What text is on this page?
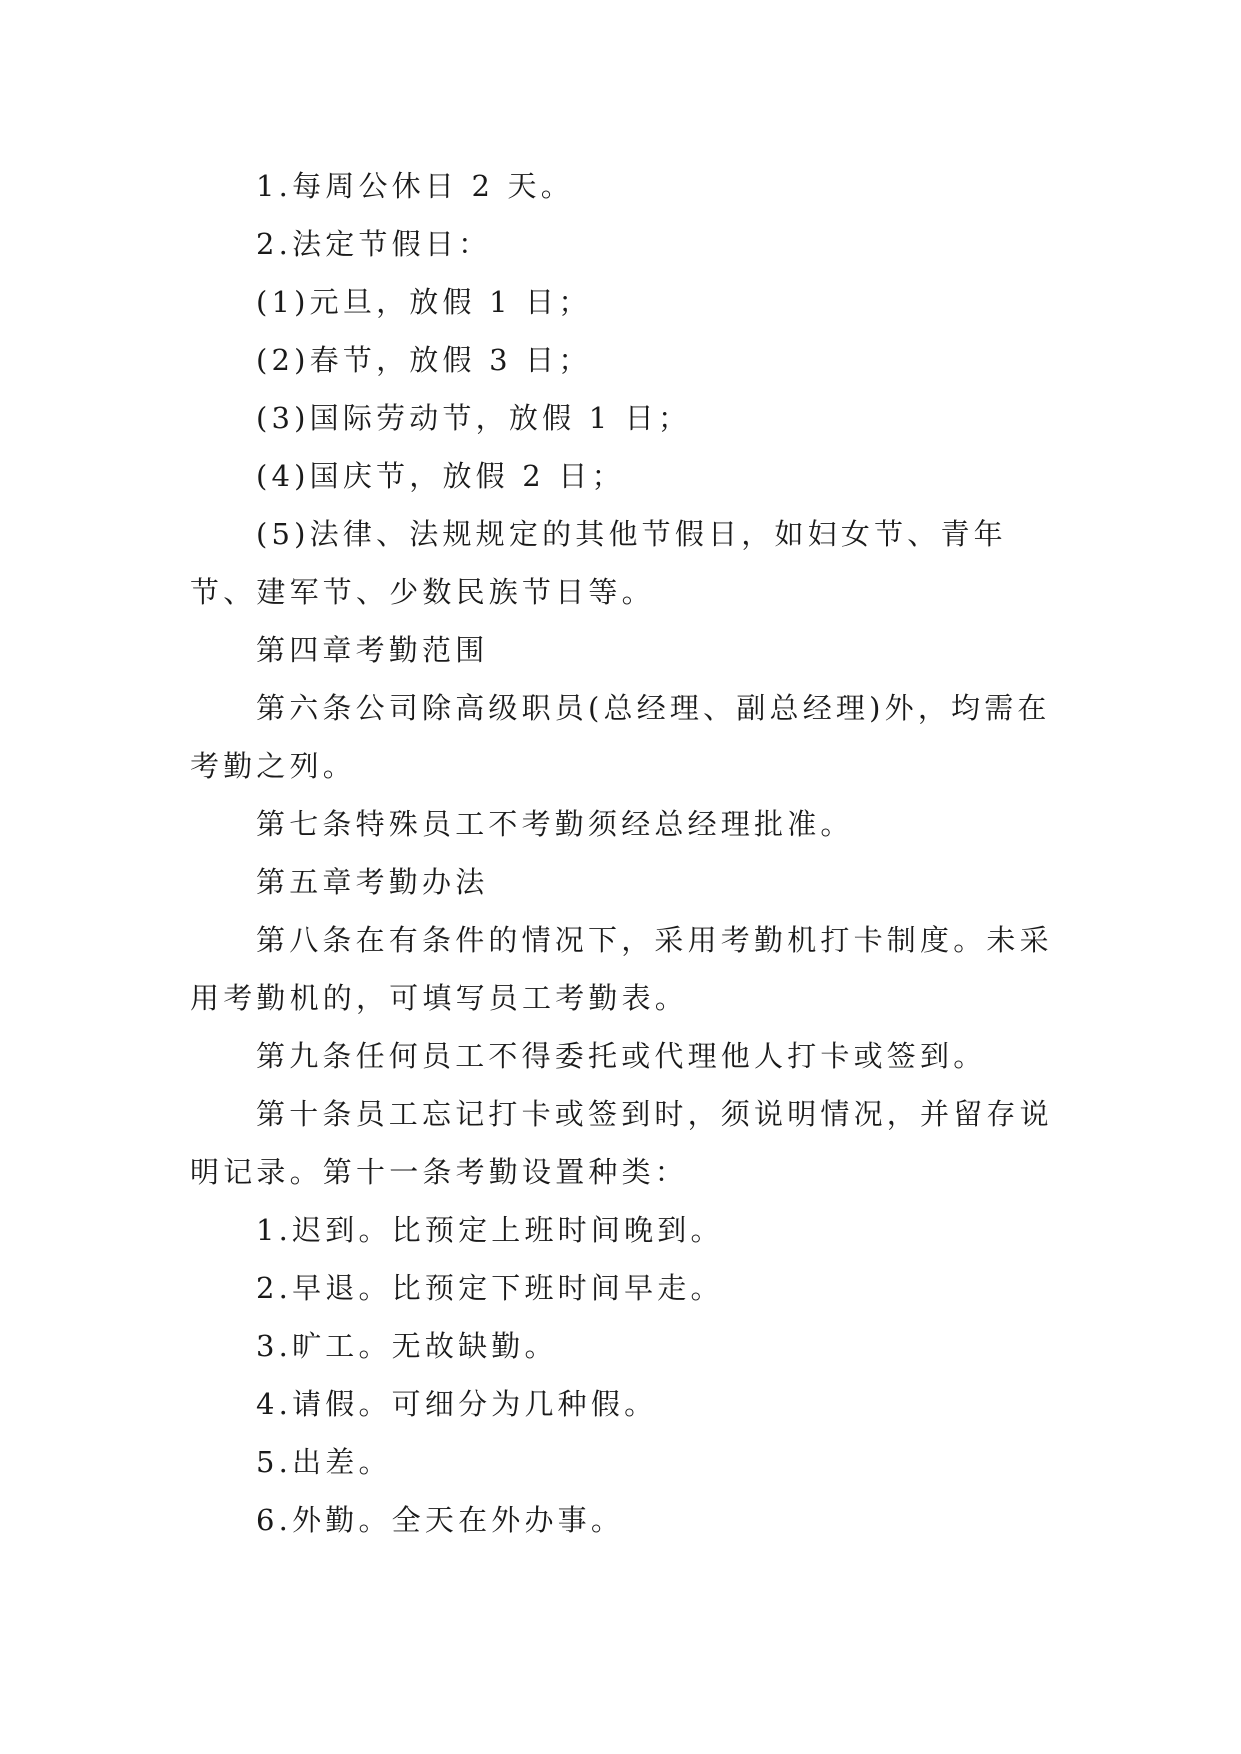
1.每周公休日 2 天。

2.法定节假日：

(1)元旦，放假 1 日；

(2)春节，放假 3 日；

(3)国际劳动节，放假 1 日；

(4)国庆节，放假 2 日；

(5)法律、法规规定的其他节假日，如妇女节、青年节、建军节、少数民族节日等。

第四章考勤范围

第六条公司除高级职员(总经理、副总经理)外，均需在考勤之列。

第七条特殊员工不考勤须经总经理批准。

第五章考勤办法

第八条在有条件的情况下，采用考勤机打卡制度。未采用考勤机的，可填写员工考勤表。

第九条任何员工不得委托或代理他人打卡或签到。

第十条员工忘记打卡或签到时，须说明情况，并留存说明记录。第十一条考勤设置种类：

1.迟到。比预定上班时间晚到。

2.早退。比预定下班时间早走。

3.旷工。无故缺勤。

4.请假。可细分为几种假。

5.出差。

6.外勤。全天在外办事。
